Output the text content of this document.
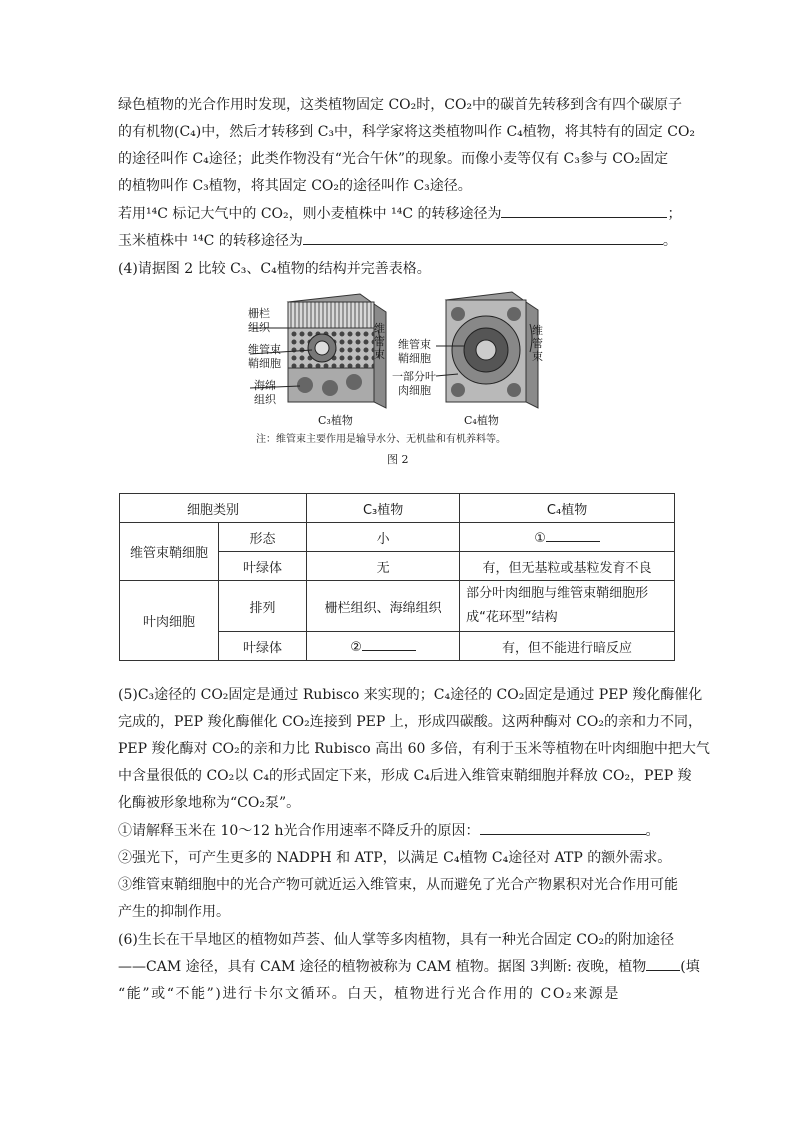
绿色植物的光合作用时发现，这类植物固定 CO₂时，CO₂中的碳首先转移到含有四个碳原子
的有机物(C₄)中，然后才转移到 C₃中，科学家将这类植物叫作 C₄植物，将其特有的固定 CO₂
的途径叫作 C₄途径；此类作物没有“光合午休”的现象。而像小麦等仅有 C₃参与 CO₂固定
的植物叫作 C₃植物，将其固定 CO₂的途径叫作 C₃途径。
若用¹⁴C 标记大气中的 CO₂，则小麦植株中 ¹⁴C 的转移途径为	；
玉米植株中 ¹⁴C 的转移途径为	。
(4)请据图 2 比较 C₃、C₄植物的结构并完善表格。
栅栏
组织
维管束
鞘细胞
海绵
组织
维
管
束
C₃植物
维管束
鞘细胞
一部分叶
肉细胞
维
管
束
C₄植物
注：维管束主要作用是输导水分、无机盐和有机养料等。
图 2
细胞类别		C₃植物	C₄植物
维管束鞘细胞	形态	小	①
	叶绿体	无	有，但无基粒或基粒发育不良
叶肉细胞	排列	栅栏组织、海绵组织	部分叶肉细胞与维管束鞘细胞形
成“花环型”结构

	叶绿体	②	有，但不能进行暗反应
(5)C₃途径的 CO₂固定是通过 Rubisco 来实现的；C₄途径的 CO₂固定是通过 PEP 羧化酶催化
完成的，PEP 羧化酶催化 CO₂连接到 PEP 上，形成四碳酸。这两种酶对 CO₂的亲和力不同，
PEP 羧化酶对 CO₂的亲和力比 Rubisco 高出 60 多倍，有利于玉米等植物在叶肉细胞中把大气
中含量很低的 CO₂以 C₄的形式固定下来，形成 C₄后进入维管束鞘细胞并释放 CO₂，PEP 羧
化酶被形象地称为“CO₂泵”。
①请解释玉米在 10～12 h光合作用速率不降反升的原因：	。
②强光下，可产生更多的 NADPH 和 ATP，以满足 C₄植物 C₄途径对 ATP 的额外需求。
③维管束鞘细胞中的光合产物可就近运入维管束，从而避免了光合产物累积对光合作用可能
产生的抑制作用。
(6)生长在干旱地区的植物如芦荟、仙人掌等多肉植物，具有一种光合固定 CO₂的附加途径
——CAM 途径，具有 CAM 途径的植物被称为 CAM 植物。据图 3判断: 夜晚，植物 (填
“能”或“不能”)进行卡尔文循环。白天，植物进行光合作用的 CO₂来源是
